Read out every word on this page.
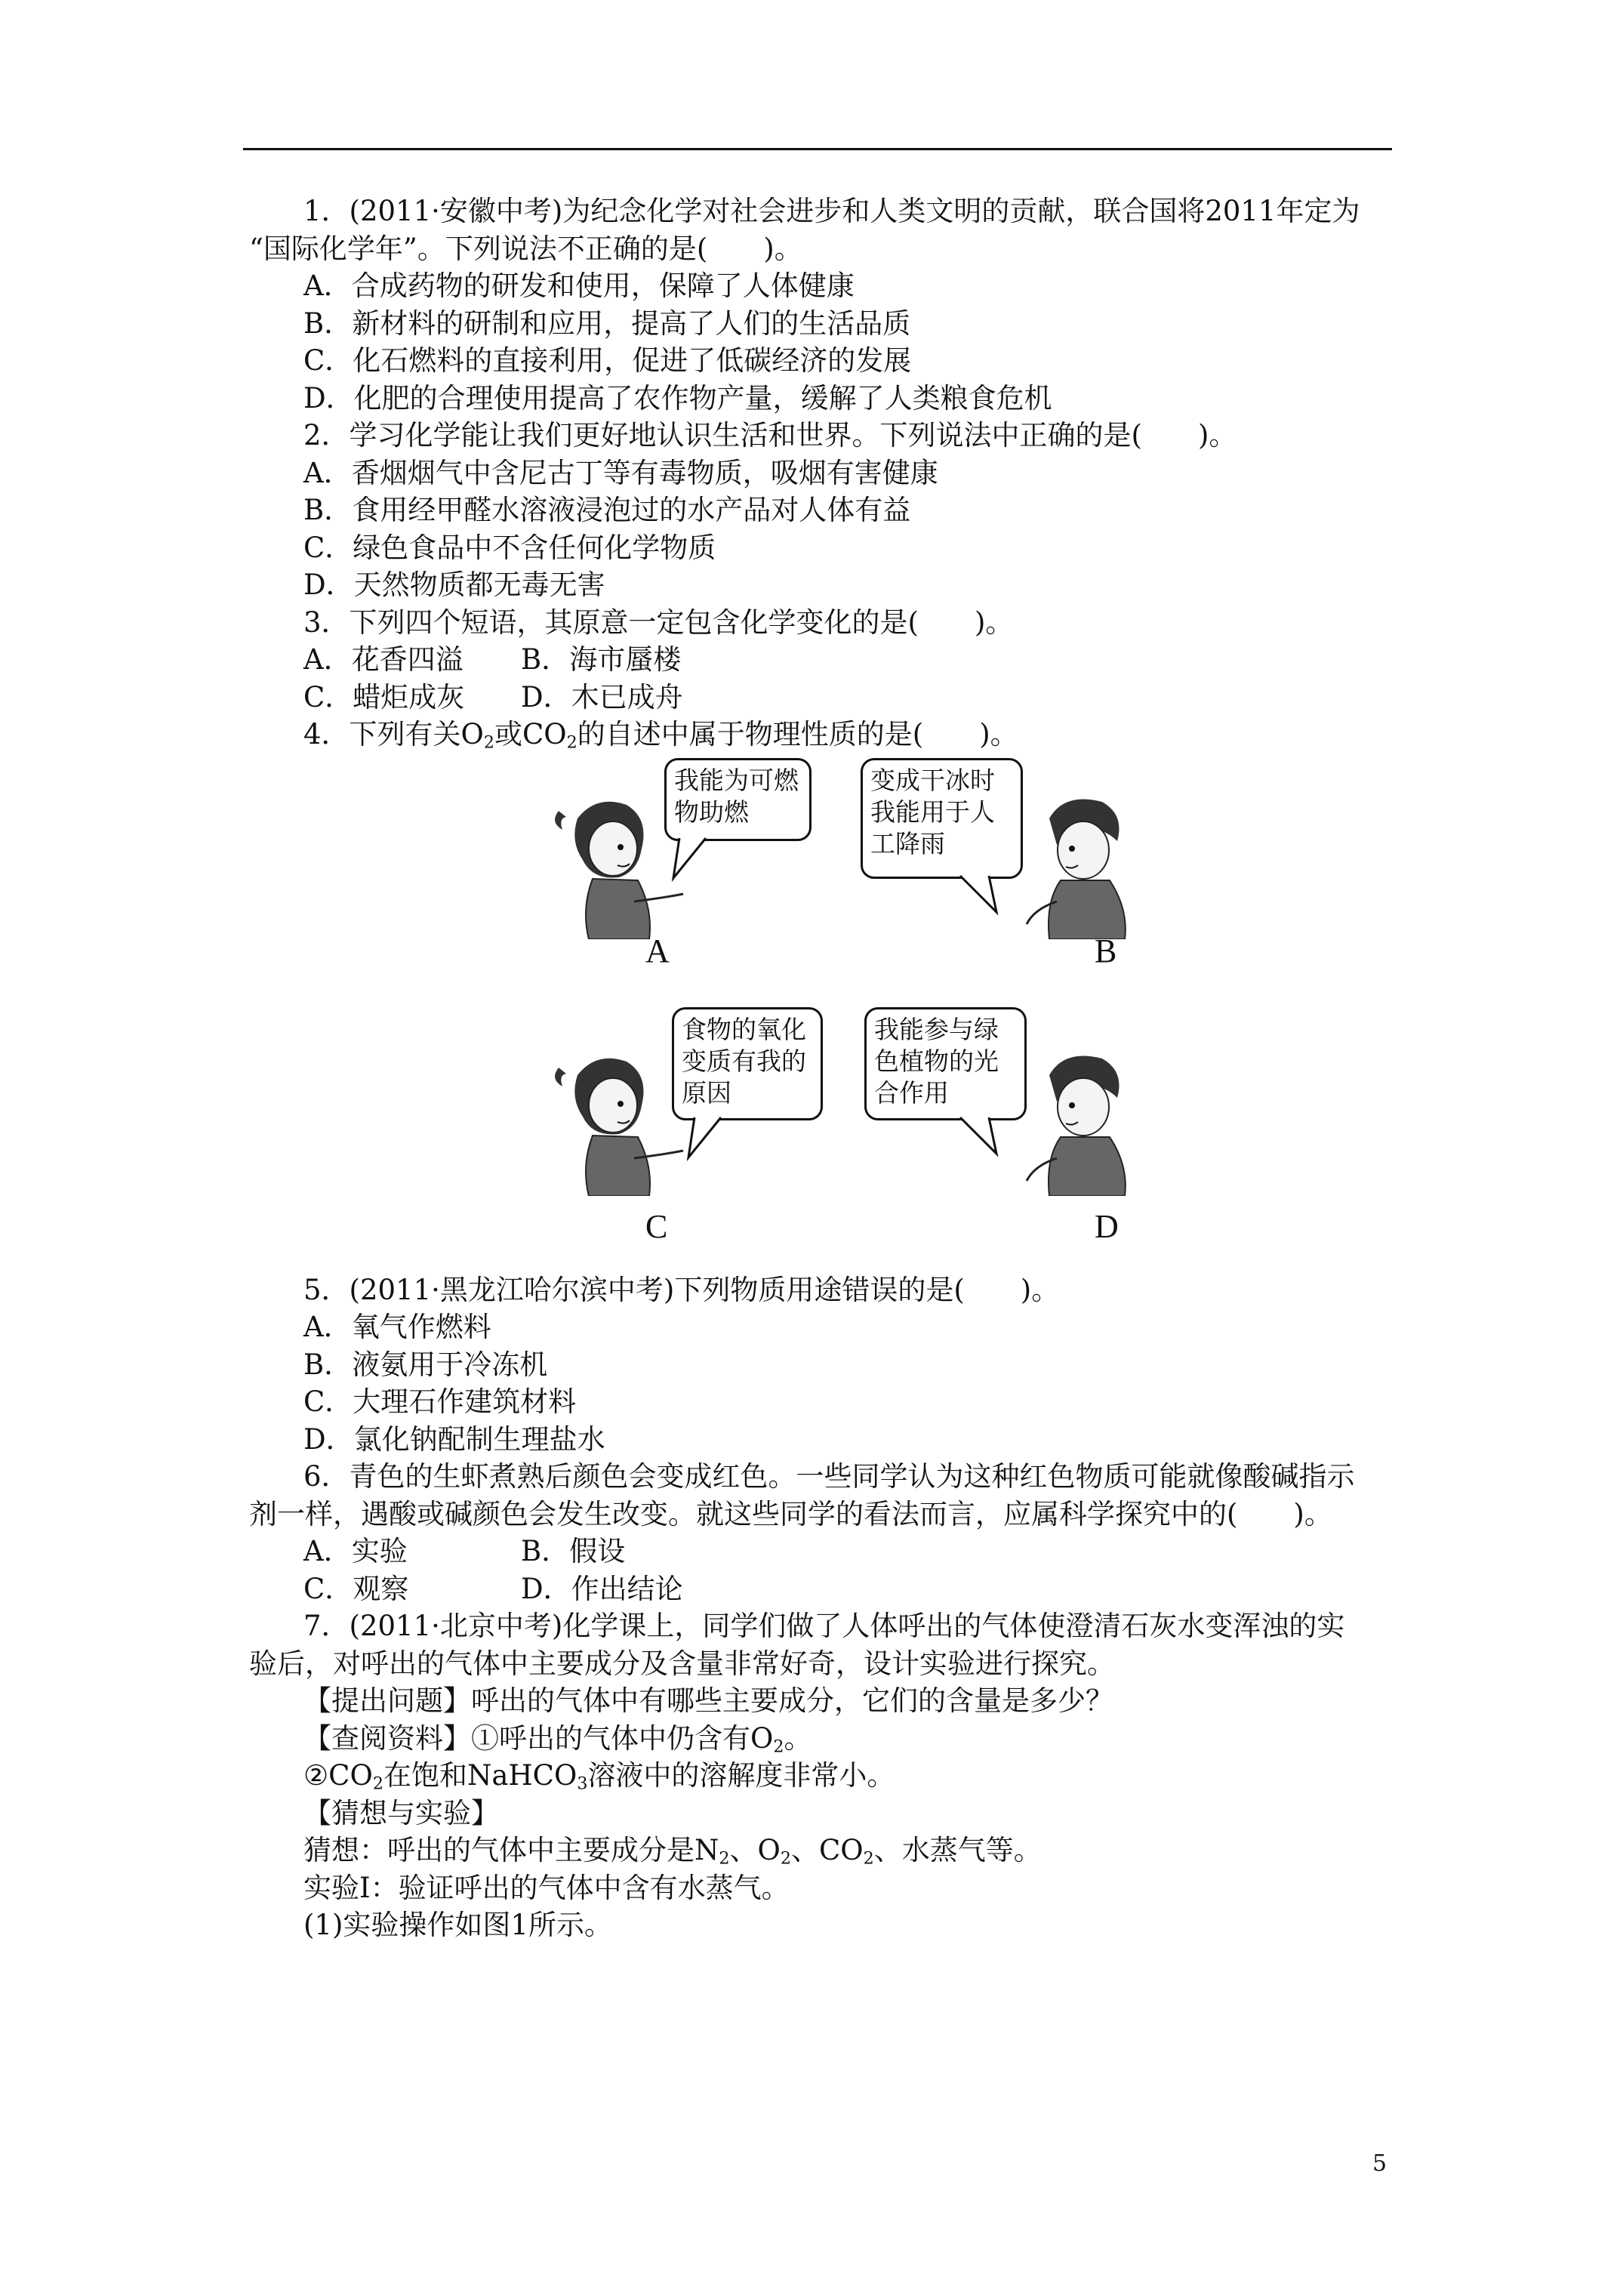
1．(2011·安徽中考)为纪念化学对社会进步和人类文明的贡献，联合国将2011年定为
“国际化学年”。下列说法不正确的是(　　)。
A．合成药物的研发和使用，保障了人体健康
B．新材料的研制和应用，提高了人们的生活品质
C．化石燃料的直接利用，促进了低碳经济的发展
D．化肥的合理使用提高了农作物产量，缓解了人类粮食危机
2．学习化学能让我们更好地认识生活和世界。下列说法中正确的是(　　)。
A．香烟烟气中含尼古丁等有毒物质，吸烟有害健康
B．食用经甲醛水溶液浸泡过的水产品对人体有益
C．绿色食品中不含任何化学物质
D．天然物质都无毒无害
3．下列四个短语，其原意一定包含化学变化的是(　　)。
A．花香四溢 B．海市蜃楼
C．蜡炬成灰 D．木已成舟
4．下列有关$O_2$或$CO_2$的自述中属于物理性质的是(　　)。
我能为可燃
物助燃
A
变成干冰时
我能用于人
工降雨
B
食物的氧化
变质有我的
原因
C
我能参与绿
色植物的光
合作用
D
5．(2011·黑龙江哈尔滨中考)下列物质用途错误的是(　　)。
A．氧气作燃料
B．液氨用于冷冻机
C．大理石作建筑材料
D．氯化钠配制生理盐水
6．青色的生虾煮熟后颜色会变成红色。一些同学认为这种红色物质可能就像酸碱指示
剂一样，遇酸或碱颜色会发生改变。就这些同学的看法而言，应属科学探究中的(　　)。
A．实验	B．假设
C．观察	D．作出结论
7．(2011·北京中考)化学课上，同学们做了人体呼出的气体使澄清石灰水变浑浊的实
验后，对呼出的气体中主要成分及含量非常好奇，设计实验进行探究。
【提出问题】呼出的气体中有哪些主要成分，它们的含量是多少？
【查阅资料】①呼出的气体中仍含有$O_2$。
$②CO_2$在饱和NaHCO$_3$溶液中的溶解度非常小。
【猜想与实验】
猜想：呼出的气体中主要成分是$N_2$、$O_2$、$CO_2$、水蒸气等。
实验Ⅰ：验证呼出的气体中含有水蒸气。
(1)实验操作如图1所示。
5
